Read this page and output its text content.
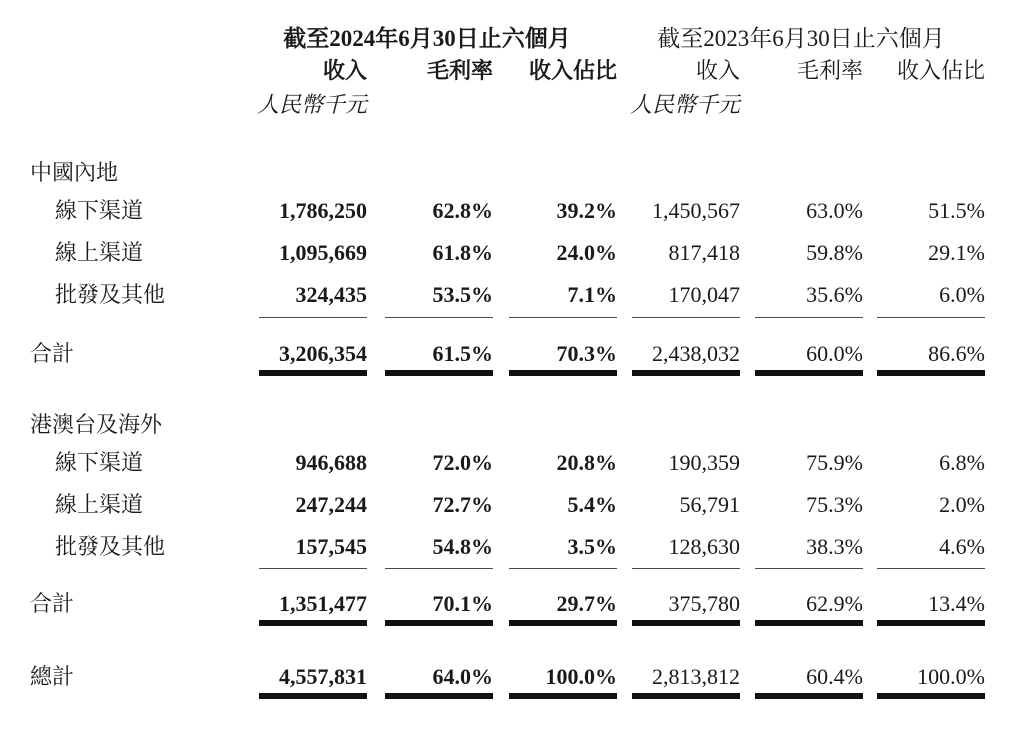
截至2024年6月30日止六個月	截至2023年6月30日止六個月
收入	毛利率	收入佔比	收入	毛利率	收入佔比
人民幣千元	人民幣千元
中國內地
線下渠道	1,786,250	62.8%	39.2%	1,450,567	63.0%	51.5%
線上渠道	1,095,669	61.8%	24.0%	817,418	59.8%	29.1%
批發及其他	324,435	53.5%	7.1%	170,047	35.6%	6.0%
合計	3,206,354	61.5%	70.3%	2,438,032	60.0%	86.6%
港澳台及海外
線下渠道	946,688	72.0%	20.8%	190,359	75.9%	6.8%
線上渠道	247,244	72.7%	5.4%	56,791	75.3%	2.0%
批發及其他	157,545	54.8%	3.5%	128,630	38.3%	4.6%
合計	1,351,477	70.1%	29.7%	375,780	62.9%	13.4%
總計	4,557,831	64.0%	100.0%	2,813,812	60.4%	100.0%
